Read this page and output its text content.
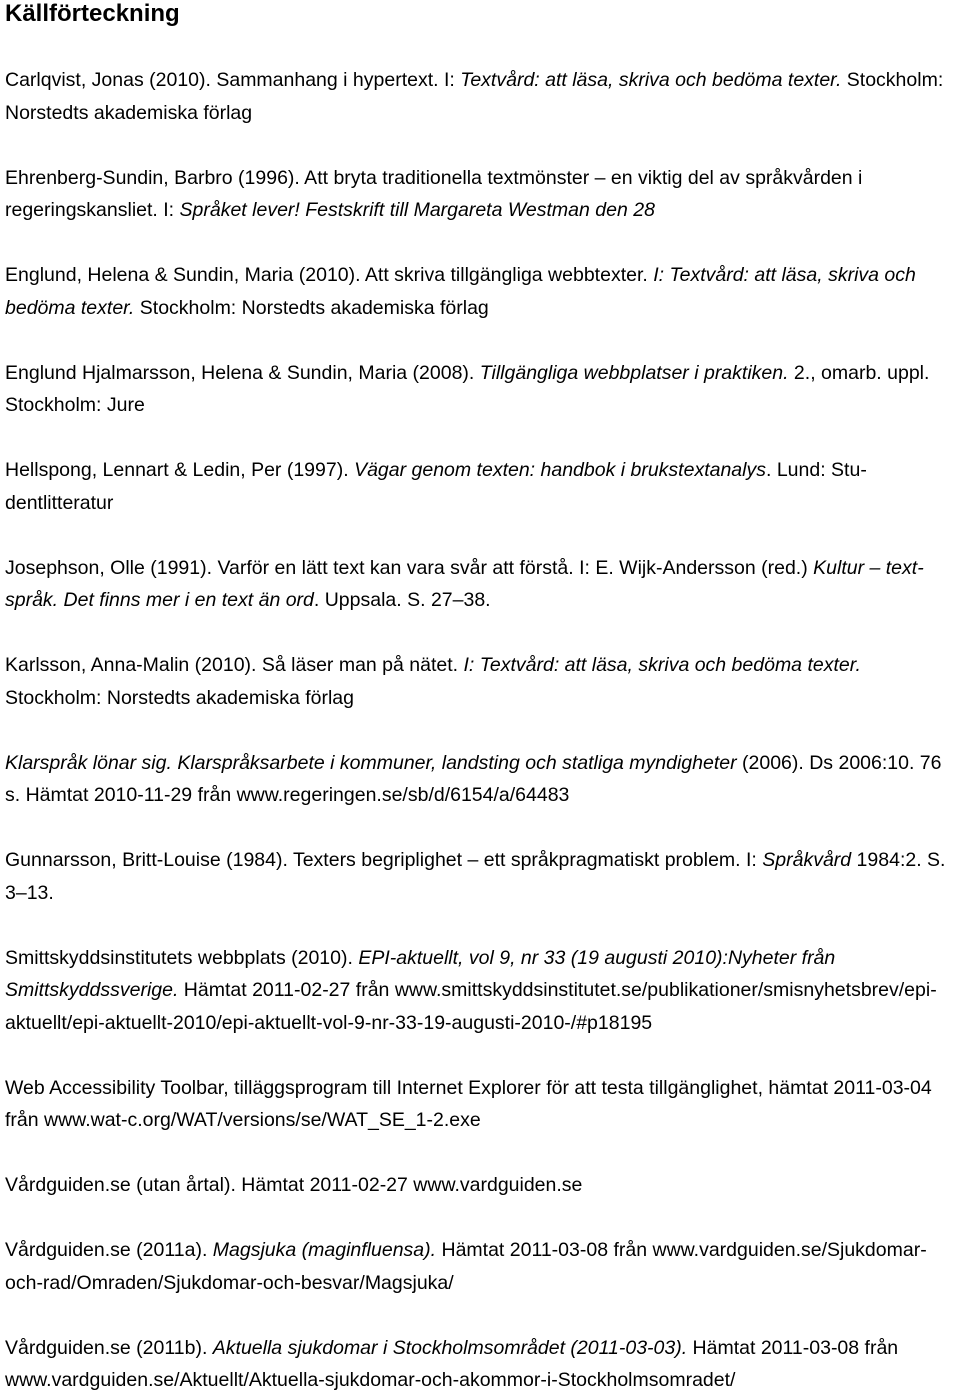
Källförteckning

Carlqvist, Jonas (2010). Sammanhang i hypertext. I: Textvård: att läsa, skriva och bedöma texter. Stockholm: Norstedts akademiska förlag

Ehrenberg-Sundin, Barbro (1996). Att bryta traditionella textmönster – en viktig del av språkvården i regeringskansliet. I: Språket lever! Festskrift till Margareta Westman den 28

Englund, Helena & Sundin, Maria (2010). Att skriva tillgängliga webbtexter. I: Textvård: att läsa, skriva och bedöma texter. Stockholm: Norstedts akademiska förlag

Englund Hjalmarsson, Helena & Sundin, Maria (2008). Tillgängliga webbplatser i praktiken. 2., omarb. uppl. Stockholm: Jure

Hellspong, Lennart & Ledin, Per (1997). Vägar genom texten: handbok i brukstextanalys. Lund: Studentlitteratur

Josephson, Olle (1991). Varför en lätt text kan vara svår att förstå. I: E. Wijk-Andersson (red.) Kultur – text- språk. Det finns mer i en text än ord. Uppsala. S. 27–38.

Karlsson, Anna-Malin (2010). Så läser man på nätet. I: Textvård: att läsa, skriva och bedöma texter. Stockholm: Norstedts akademiska förlag

Klarspråk lönar sig. Klarspråksarbete i kommuner, landsting och statliga myndigheter (2006). Ds 2006:10. 76 s. Hämtat 2010-11-29 från www.regeringen.se/sb/d/6154/a/64483

Gunnarsson, Britt-Louise (1984). Texters begriplighet – ett språkpragmatiskt problem. I: Språkvård 1984:2. S. 3–13.

Smittskyddsinstitutets webbplats (2010). EPI-aktuellt, vol 9, nr 33 (19 augusti 2010):Nyheter från Smittskyddssverige. Hämtat 2011-02-27 från www.smittskyddsinstitutet.se/publikationer/smisnyhetsbrev/epi-aktuellt/epi-aktuellt-2010/epi-aktuellt-vol-9-nr-33-19-augusti-2010-/#p18195

Web Accessibility Toolbar, tilläggsprogram till Internet Explorer för att testa tillgänglighet, hämtat 2011-03-04 från www.wat-c.org/WAT/versions/se/WAT_SE_1-2.exe

Vårdguiden.se (utan årtal). Hämtat 2011-02-27 www.vardguiden.se

Vårdguiden.se (2011a). Magsjuka (maginfluensa). Hämtat 2011-03-08 från www.vardguiden.se/Sjukdomar-och-rad/Omraden/Sjukdomar-och-besvar/Magsjuka/

Vårdguiden.se (2011b). Aktuella sjukdomar i Stockholmsområdet (2011-03-03). Hämtat 2011-03-08 från www.vardguiden.se/Aktuellt/Aktuella-sjukdomar-och-akommor-i-Stockholmsomradet/
